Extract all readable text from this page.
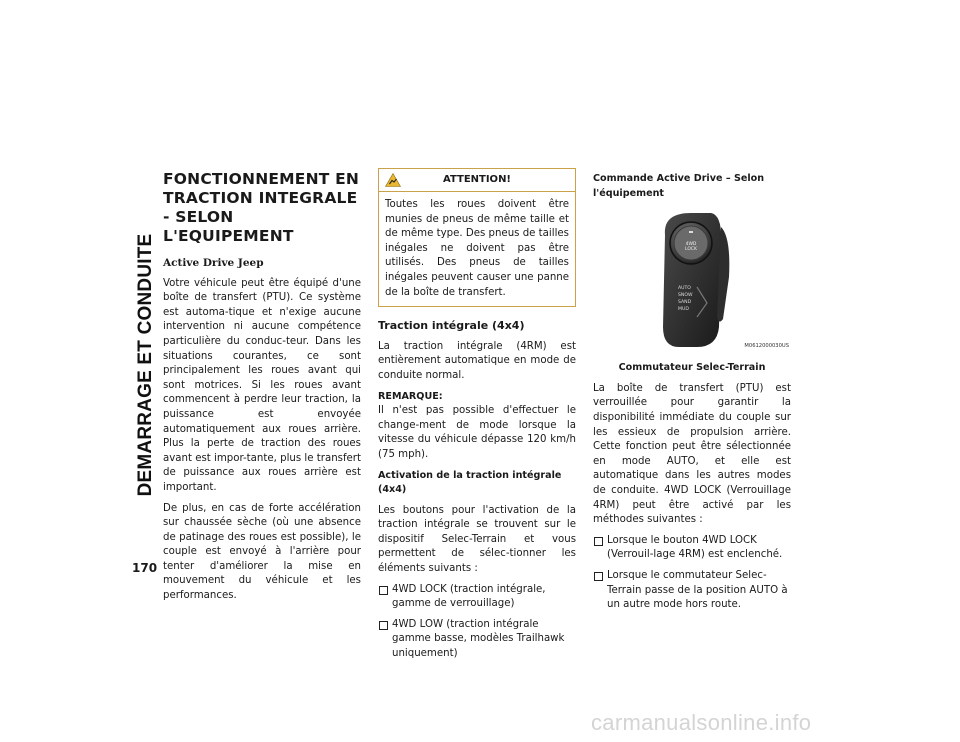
DEMARRAGE ET CONDUITE
170
FONCTIONNEMENT EN TRACTION INTEGRALE - SELON L'EQUIPEMENT
Active Drive Jeep

Votre véhicule peut être équipé d'une boîte de transfert (PTU). Ce système est automa-tique et n'exige aucune intervention ni aucune compétence particulière du conduc-teur. Dans les situations courantes, ce sont principalement les roues avant qui sont motrices. Si les roues avant commencent à perdre leur traction, la puissance est envoyée automatiquement aux roues arrière. Plus la perte de traction des roues avant est impor-tante, plus le transfert de puissance aux roues arrière est important.

De plus, en cas de forte accélération sur chaussée sèche (où une absence de patinage des roues est possible), le couple est envoyé à l'arrière pour tenter d'améliorer la mise en mouvement du véhicule et les performances.

ATTENTION!
Toutes les roues doivent être munies de pneus de même taille et de même type. Des pneus de tailles inégales ne doivent pas être utilisés. Des pneus de tailles inégales peuvent causer une panne de la boîte de transfert.
Traction intégrale (4x4)

La traction intégrale (4RM) est entièrement automatique en mode de conduite normal.

REMARQUE:

Il n'est pas possible d'effectuer le change-ment de mode lorsque la vitesse du véhicule dépasse 120 km/h (75 mph).

Activation de la traction intégrale (4x4)

Les boutons pour l'activation de la traction intégrale se trouvent sur le dispositif Selec-Terrain et vous permettent de sélec-tionner les éléments suivants :

4WD LOCK (traction intégrale, gamme de verrouillage)
4WD LOW (traction intégrale gamme basse, modèles Trailhawk uniquement)
Commande Active Drive – Selon l'équipement
4WD
LOCK
AUTO
SNOW
SAND
MUD
M0612000030US
Commutateur Selec-Terrain

La boîte de transfert (PTU) est verrouillée pour garantir la disponibilité immédiate du couple sur les essieux de propulsion arrière. Cette fonction peut être sélectionnée en mode AUTO, et elle est automatique dans les autres modes de conduite. 4WD LOCK (Verrouillage 4RM) peut être activé par les méthodes suivantes :

Lorsque le bouton 4WD LOCK (Verrouil-lage 4RM) est enclenché.
Lorsque le commutateur Selec-Terrain passe de la position AUTO à un autre mode hors route.
carmanualsonline.info
